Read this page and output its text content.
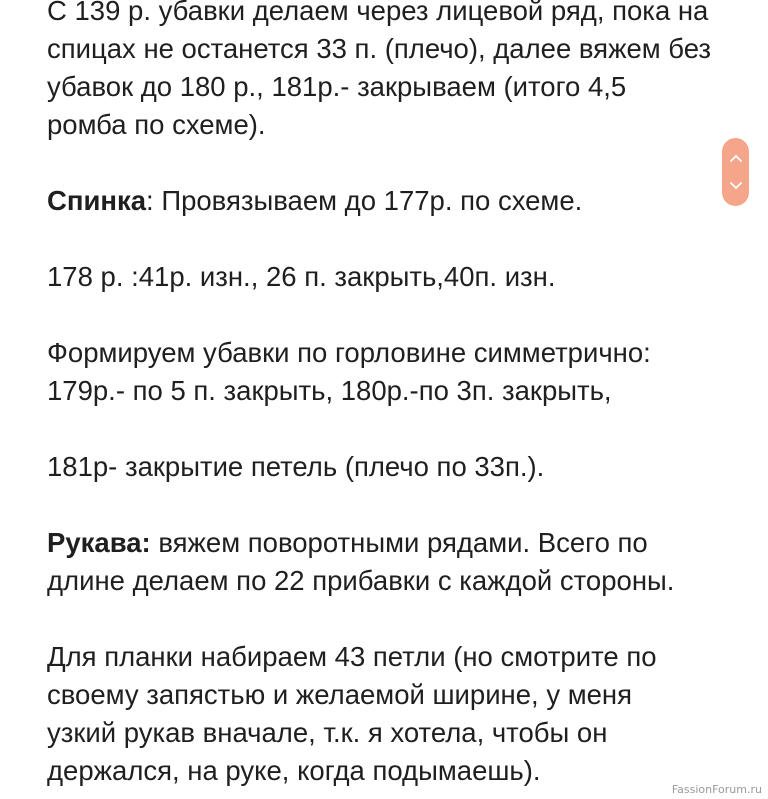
С 139 р. убавки делаем через лицевой ряд, пока на
спицах не останется 33 п. (плечо), далее вяжем без
убавок до 180 р., 181р.- закрываем (итого 4,5
ромба по схеме).
Спинка: Провязываем до 177р. по схеме.
178 р. :41р. изн., 26 п. закрыть,40п. изн.
Формируем убавки по горловине симметрично:
179р.- по 5 п. закрыть, 180р.-по 3п. закрыть,
181р- закрытие петель (плечо по 33п.).
Рукава: вяжем поворотными рядами. Всего по
длине делаем по 22 прибавки с каждой стороны.
Для планки набираем 43 петли (но смотрите по
своему запястью и желаемой ширине, у меня
узкий рукав вначале, т.к. я хотела, чтобы он
держался, на руке, когда подымаешь).
FassionForum.ru
